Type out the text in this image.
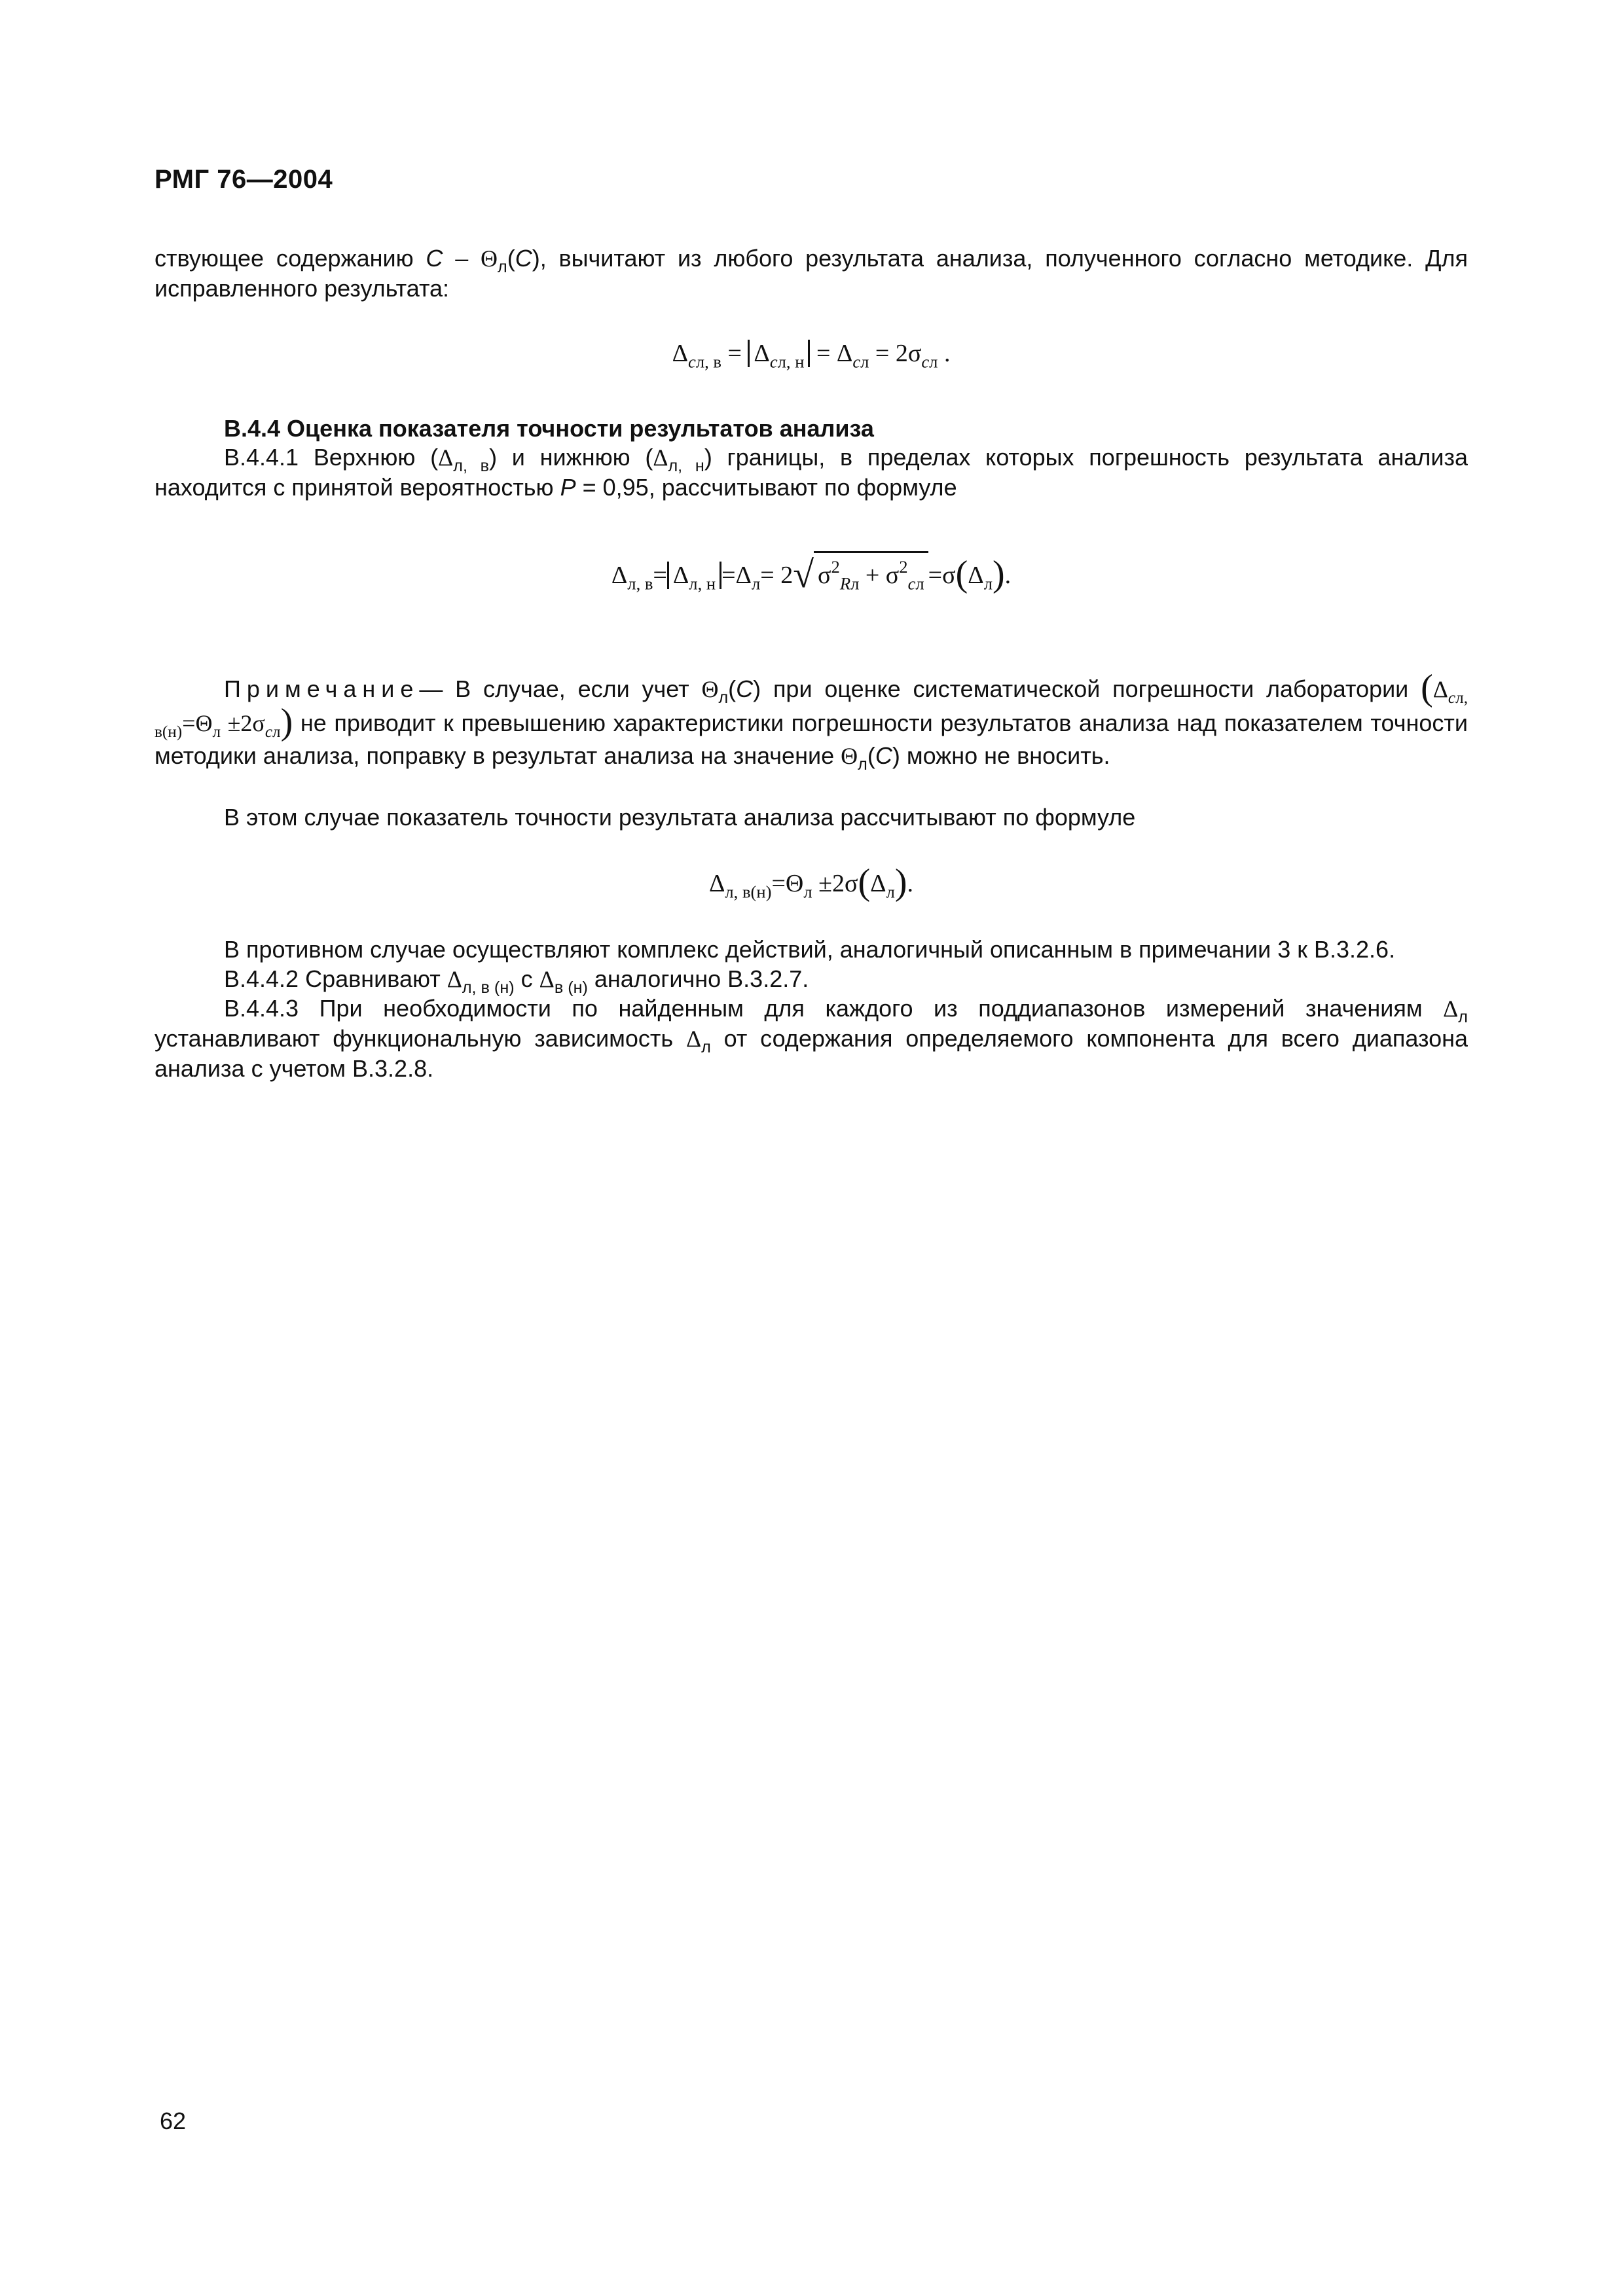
РМГ 76—2004
ствующее содержанию C – $\Theta_л(C)$, вычитают из любого результата анализа, полученного согласно методике. Для исправленного результата:
$\Delta_{cл, в} = \Delta_{cл, н} = \Delta_{cл} = 2\sigma_{cл}$ .
В.4.4 Оценка показателя точности результатов анализа
В.4.4.1 Верхнюю $(\Delta_{л, в})$ и нижнюю $(\Delta_{л, н})$ границы, в пределах которых погрешность результата анализа находится с принятой вероятностью P = 0,95, рассчитывают по формуле
$\Delta_{л, в}= \Delta_{л, н} =\Delta_л= 2√$ $\sigma^2_{Rл} + \sigma^2_{cл} =\sigma(\Delta_л)$.
Примечание— В случае, если учет $\Theta_л(C)$ при оценке систематической погрешности лаборатории $(\Delta_{cл, в(н)}=\Theta_л \pm 2\sigma_{cл})$ не приводит к превышению характеристики погрешности результатов анализа над показателем точности методики анализа, поправку в результат анализа на значение $\Theta_л(C)$ можно не вносить.
В этом случае показатель точности результата анализа рассчитывают по формуле
$\Delta_{л, в(н)}=\Theta_л \pm 2\sigma(\Delta_л)$.
В противном случае осуществляют комплекс действий, аналогичный описанным в примечании 3 к В.3.2.6.
В.4.4.2 Сравнивают $\Delta_{л, в (н)}$ с $\Delta_{в (н)}$ аналогично В.3.2.7.
В.4.4.3 При необходимости по найденным для каждого из поддиапазонов измерений значениям $\Delta_л$ устанавливают функциональную зависимость $\Delta_л$ от содержания определяемого компонента для всего диапазона анализа с учетом В.3.2.8.
62
